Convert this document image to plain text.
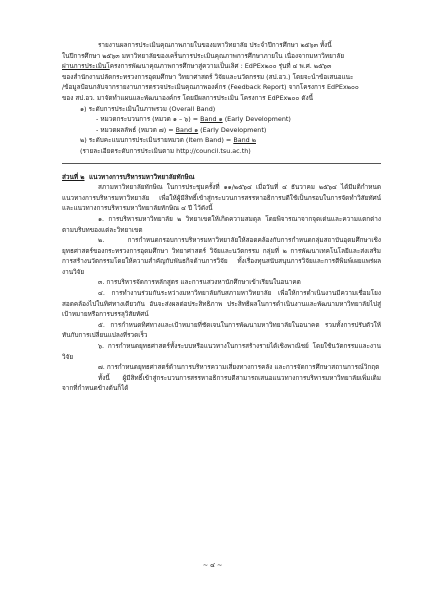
รายงานผลการประเมินคุณภาพภายในของมหาวิทยาลัย ประจำปีการศึกษา ๒๕๖๓ ทั้งนี้

ในปีการศึกษา ๒๕๖๓ มหาวิทยาลัยของเคร็นการประเมินคุณภาพการศึกษาภายใน เนื่องจากมหาวิทยาลัย

ผ่านการประเมินโครงการพัฒนาคุณภาพการศึกษาสู่ความเป็นเลิศ : EdPEx๒๐๐ รุ่นที่ ๔ พ.ศ. ๒๕๖๓

ของสำนักงานปลัดกระทรวงการอุดมศึกษา วิทยาศาสตร์ วิจัยและนวัตกรรม (สป.อว.) โดยจะนำข้อเสนอแนะ

/ข้อมูลป้อนกลับจากรายงานการตรวจประเมินคุณภาพองค์กร (Feedback Report) จากโครงการ EdPEx๒๐๐

ของ สป.อว. มาจัดทำแผนและพัฒนาองค์กร โดยมีผลการประเมิน โครงการ EdPEx๒๐๐ ดังนี้

๑) ระดับการประเมินในภาพรวม (Overall Band)
- หมวดกระบวนการ (หมวด ๑ – ๖) = Band ๑ (Early Development)
- หมวดผลลัพธ์ (หมวด ๗) = Band ๑ (Early Development)
๒) ระดับคะแนนการประเมินรายหมวด (Item Band) = Band ๒
(รายละเอียดระดับการประเมินตาม http://council.tsu.ac.th)

ส่วนที่ ๒ แนวทางการบริหารมหาวิทยาลัยทักษิณ

สภามหาวิทยาลัยทักษิณ ในการประชุมครั้งที่ ๑๑/๒๕๖๔ เมื่อวันที่ ๔ ธันวาคม ๒๕๖๔ ได้มีมติกำหนดแนวทางการบริหารมหาวิทยาลัย เพื่อให้ผู้มีสิทธิ์เข้าสู่กระบวนการสรรหาอธิการบดีใช้เป็นกรอบในการจัดทำวิสัยทัศน์และแนวทางการบริหารมหาวิทยาลัยทักษิณ ๔ ปี ไว้ดังนี้

๑. การบริหารมหาวิทยาลัย ๒ วิทยาเขตให้เกิดความสมดุล โดยพิจารณาจากจุดเด่นและความแตกต่างตามบริบทของแต่ละวิทยาเขต

๒. การกำหนดกรอบการบริหารมหาวิทยาลัยให้สอดคล้องกับการกำหนดกลุ่มสถาบันอุดมศึกษาเชิงยุทธศาสตร์ของกระทรวงการอุดมศึกษา วิทยาศาสตร์ วิจัยและนวัตกรรม กลุ่มที่ ๒ การพัฒนาเทคโนโลยีและส่งเสริมการสร้างนวัตกรรมโดยให้ความสำคัญกับพันธกิจด้านการวิจัย ทั้งเรื่องทุนสนับสนุนการวิจัยและการตีพิมพ์เผยแพร่ผลงานวิจัย

๓. การบริหารจัดการหลักสูตร และการแสวงหานักศึกษาเข้าเรียนในอนาคต

๔. การทำงานร่วมกันระหว่างมหาวิทยาลัยกับสภามหาวิทยาลัย เพื่อให้การดำเนินงานมีความเชื่อมโยง สอดคล้องไปในทิศทางเดียวกัน อันจะส่งผลต่อประสิทธิภาพ ประสิทธิผลในการดำเนินงานและพัฒนามหาวิทยาลัยไปสู่เป้าหมายหรือการบรรลุวิสัยทัศน์

๕. การกำหนดทิศทางและเป้าหมายที่ชัดเจนในการพัฒนามหาวิทยาลัยในอนาคต รวมทั้งการปรับตัวให้ทันกับการเปลี่ยนแปลงที่รวดเร็ว

๖. การกำหนดยุทธศาสตร์ทั้งระบบหรือแนวทางในการสร้างรายได้เชิงพาณิชย์ โดยใช้นวัตกรรมและงานวิจัย

๗. การกำหนดยุทธศาสตร์ด้านการบริหารความเสี่ยงทางการคลัง และการจัดการศึกษาสถานการณ์วิกฤต

ทั้งนี้ ผู้มีสิทธิ์เข้าสู่กระบวนการสรรหาอธิการบดีสามารถเสนอแนวทางการบริหารมหาวิทยาลัยเพิ่มเติมจากที่กำหนดข้างต้นก็ได้

~ ๔ ~
